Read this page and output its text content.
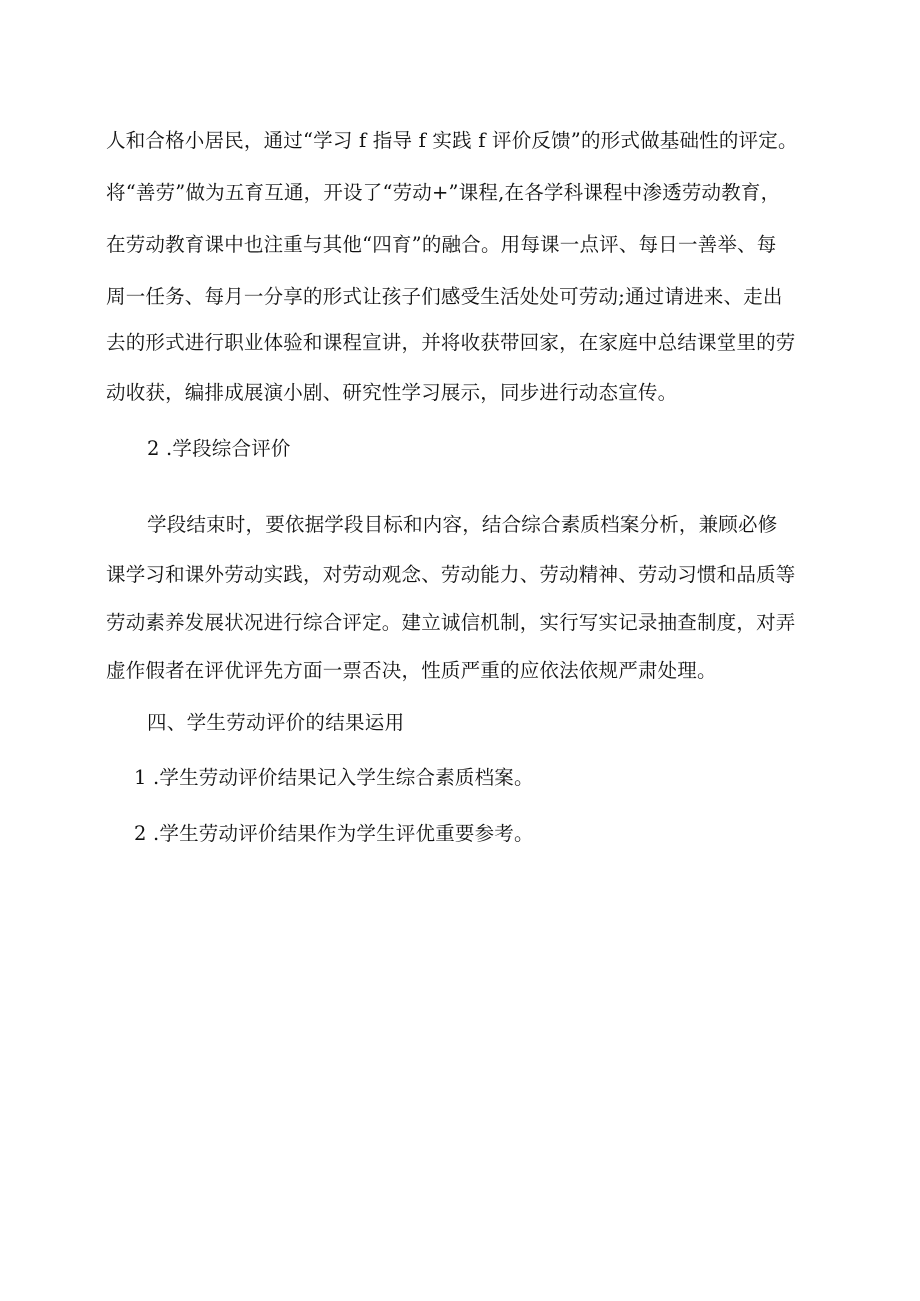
人和合格小居民，通过“学习 f 指导 f 实践 f 评价反馈”的形式做基础性的评定。
将“善劳”做为五育互通，开设了“劳动+”课程,在各学科课程中渗透劳动教育，
在劳动教育课中也注重与其他“四育”的融合。用每课一点评、每日一善举、每
周一任务、每月一分享的形式让孩子们感受生活处处可劳动;通过请进来、走出
去的形式进行职业体验和课程宣讲，并将收获带回家，在家庭中总结课堂里的劳
动收获，编排成展演小剧、研究性学习展示，同步进行动态宣传。
2 .学段综合评价
学段结束时，要依据学段目标和内容，结合综合素质档案分析，兼顾必修
课学习和课外劳动实践，对劳动观念、劳动能力、劳动精神、劳动习惯和品质等
劳动素养发展状况进行综合评定。建立诚信机制，实行写实记录抽查制度，对弄
虚作假者在评优评先方面一票否决，性质严重的应依法依规严肃处理。
四、学生劳动评价的结果运用
1 .学生劳动评价结果记入学生综合素质档案。
2 .学生劳动评价结果作为学生评优重要参考。
